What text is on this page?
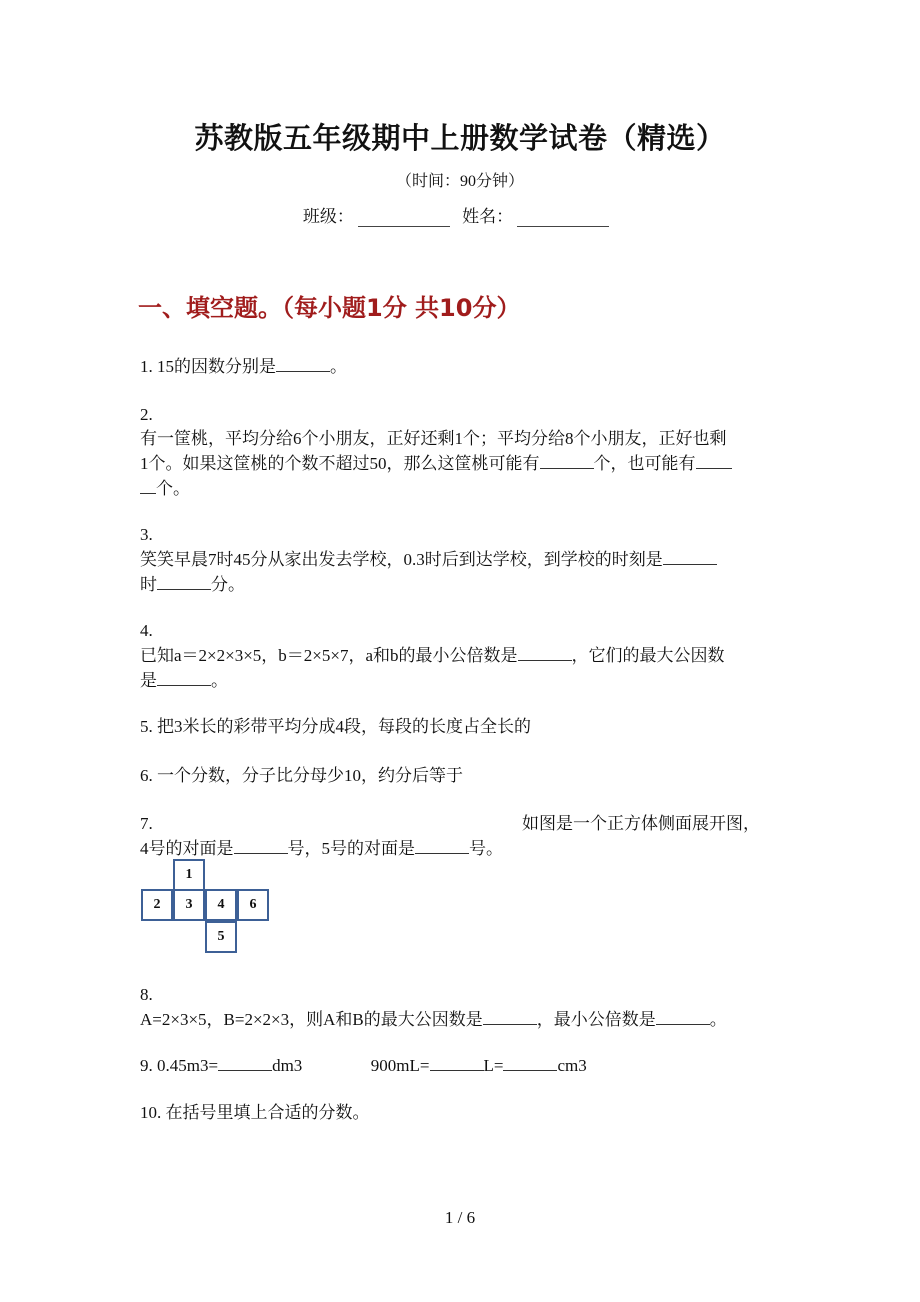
苏教版五年级期中上册数学试卷（精选）
（时间：90分钟）
班级：	姓名：
一、填空题。（每小题1分 共10分）
1. 15的因数分别是	。
2.
有一筐桃，平均分给6个小朋友，正好还剩1个；平均分给8个小朋友，正好也剩
1个。如果这筐桃的个数不超过50，那么这筐桃可能有	个，也可能有
个。
3.
笑笑早晨7时45分从家出发去学校，0.3时后到达学校，到学校的时刻是
时	分。
4.
已知a＝2×2×3×5，b＝2×5×7，a和b的最小公倍数是	，它们的最大公因数
是	。
5. 把3米长的彩带平均分成4段，每段的长度占全长的
6. 一个分数，分子比分母少10，约分后等于
7.	如图是一个正方体侧面展开图，
4号的对面是	号，5号的对面是	号。
1
2	3	4	6
5
8.
A=2×3×5，B=2×2×3，则A和B的最大公因数是	，最小公倍数是	。
9. 0.45m3=	dm3	900mL=	L=	cm3
10. 在括号里填上合适的分数。
1 / 6
